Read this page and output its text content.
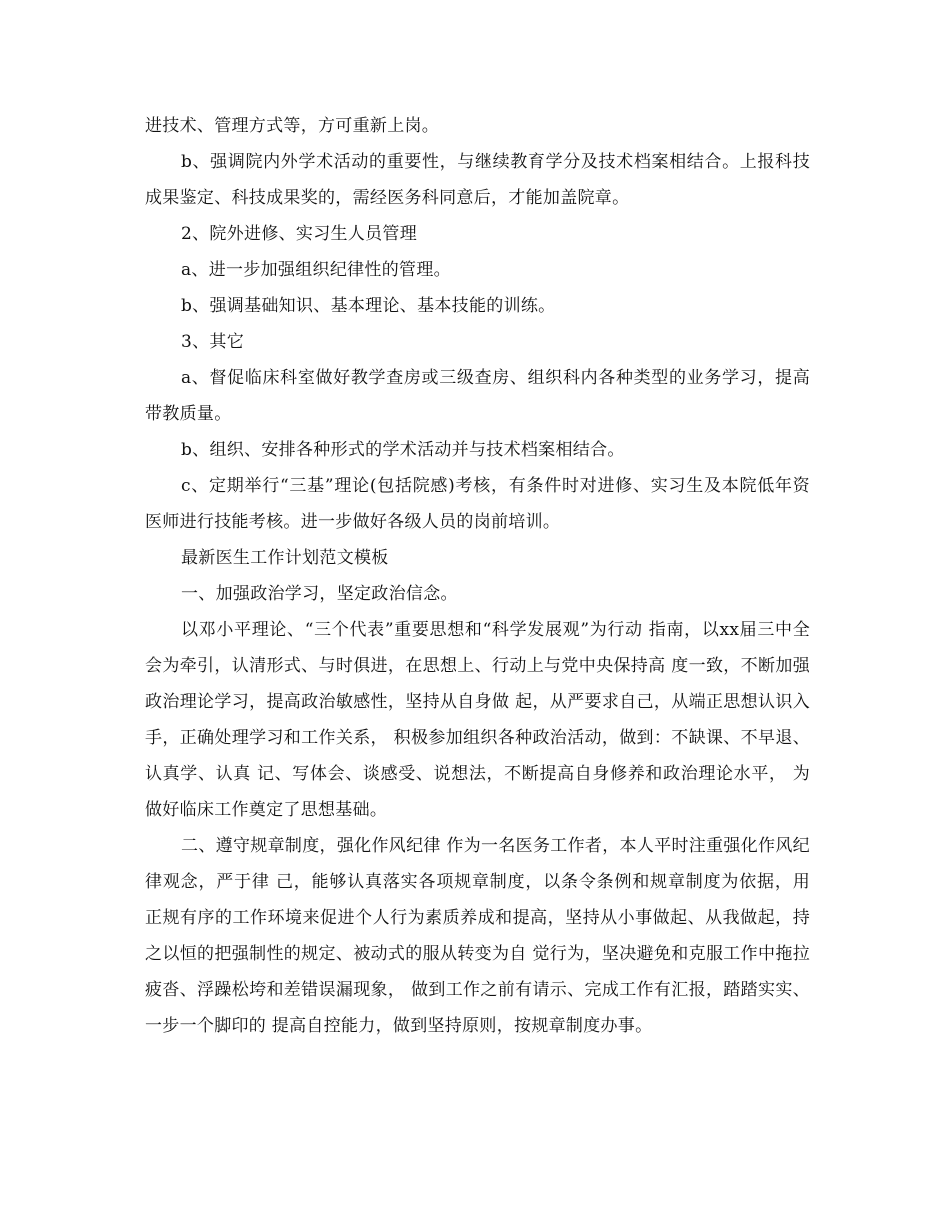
进技术、管理方式等，方可重新上岗。

b、强调院内外学术活动的重要性，与继续教育学分及技术档案相结合。上报科技成果鉴定、科技成果奖的，需经医务科同意后，才能加盖院章。

2、院外进修、实习生人员管理

a、进一步加强组织纪律性的管理。

b、强调基础知识、基本理论、基本技能的训练。

3、其它

a、督促临床科室做好教学查房或三级查房、组织科内各种类型的业务学习，提高带教质量。

b、组织、安排各种形式的学术活动并与技术档案相结合。

c、定期举行“三基”理论(包括院感)考核，有条件时对进修、实习生及本院低年资医师进行技能考核。进一步做好各级人员的岗前培训。

最新医生工作计划范文模板

一、加强政治学习，坚定政治信念。

以邓小平理论、“三个代表”重要思想和“科学发展观”为行动 指南，以xx届三中全会为牵引，认清形式、与时俱进，在思想上、行动上与党中央保持高 度一致，不断加强政治理论学习，提高政治敏感性，坚持从自身做 起，从严要求自己，从端正思想认识入手，正确处理学习和工作关系， 积极参加组织各种政治活动，做到：不缺课、不早退、认真学、认真 记、写体会、谈感受、说想法，不断提高自身修养和政治理论水平， 为做好临床工作奠定了思想基础。

二、遵守规章制度，强化作风纪律 作为一名医务工作者，本人平时注重强化作风纪律观念，严于律 己，能够认真落实各项规章制度，以条令条例和规章制度为依据，用 正规有序的工作环境来促进个人行为素质养成和提高，坚持从小事做起、从我做起，持之以恒的把强制性的规定、被动式的服从转变为自 觉行为，坚决避免和克服工作中拖拉疲沓、浮躁松垮和差错误漏现象， 做到工作之前有请示、完成工作有汇报，踏踏实实、一步一个脚印的 提高自控能力，做到坚持原则，按规章制度办事。
